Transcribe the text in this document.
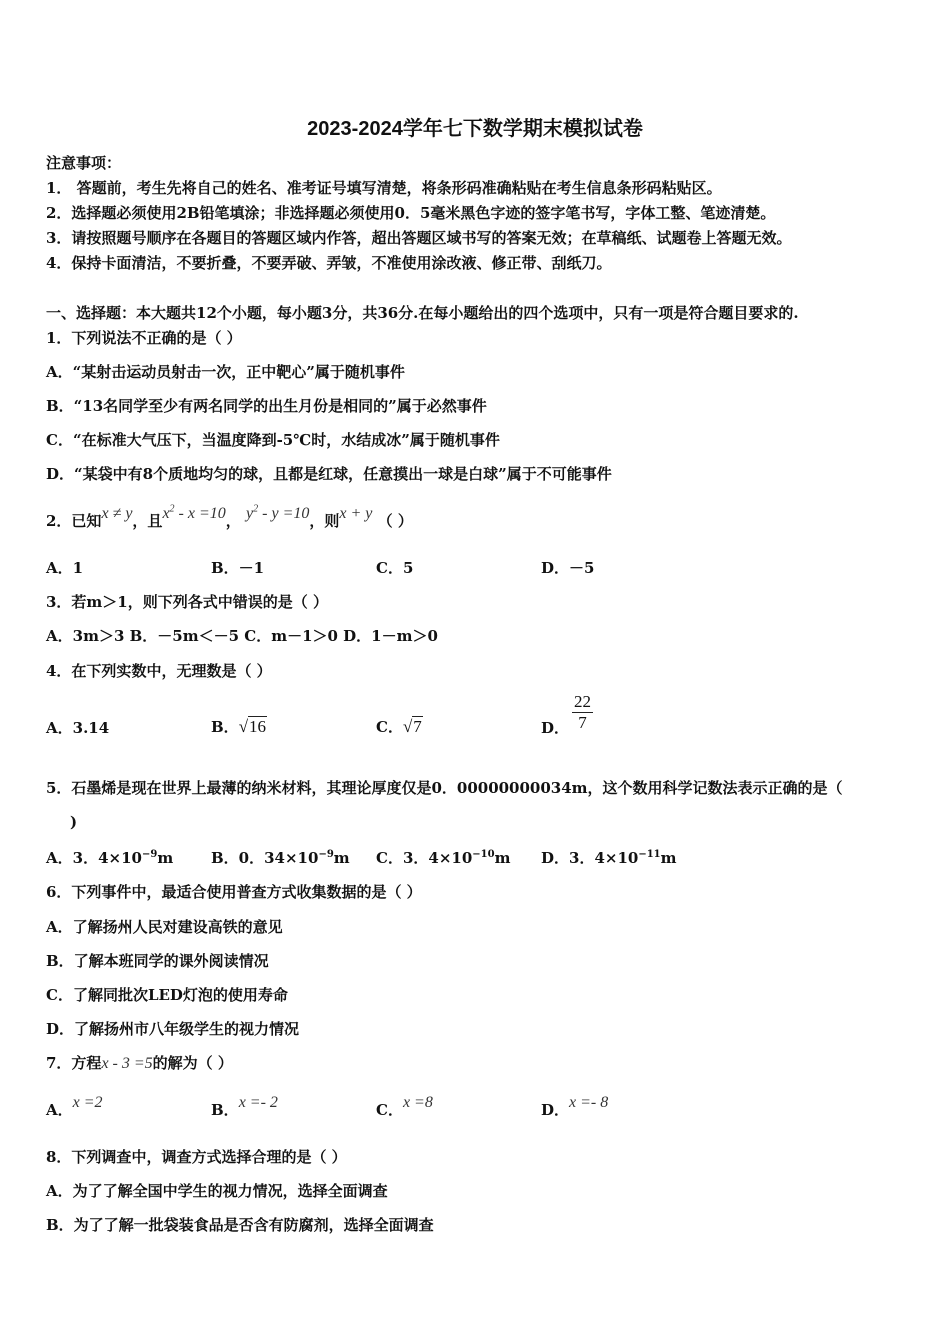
2023-2024学年七下数学期末模拟试卷
注意事项：
1． 答题前，考生先将自己的姓名、准考证号填写清楚，将条形码准确粘贴在考生信息条形码粘贴区。
2．选择题必须使用2B铅笔填涂；非选择题必须使用0．5毫米黑色字迹的签字笔书写，字体工整、笔迹清楚。
3．请按照题号顺序在各题目的答题区域内作答，超出答题区域书写的答案无效；在草稿纸、试题卷上答题无效。
4．保持卡面清洁，不要折叠，不要弄破、弄皱，不准使用涂改液、修正带、刮纸刀。
一、选择题：本大题共12个小题，每小题3分，共36分.在每小题给出的四个选项中，只有一项是符合题目要求的.
1．下列说法不正确的是（ ）
A．“某射击运动员射击一次，正中靶心”属于随机事件
B．“13名同学至少有两名同学的出生月份是相同的”属于必然事件
C．“在标准大气压下，当温度降到-5℃时，水结成冰”属于随机事件
D．“某袋中有8个质地均匀的球，且都是红球，任意摸出一球是白球”属于不可能事件
2．已知x ≠ y，且$x^2 - x =10$， $y^2 - y =10$，则x + y （ ）
A．1	B．－1	C．5	D．－5
3．若m＞1，则下列各式中错误的是（ ）
A．3m＞3 B．－5m＜－5 C．m－1＞0 D．1－m＞0
4．在下列实数中，无理数是（ ）
A．3.14	B．√16	C．√7	D． $\frac{22}{7}$
5．石墨烯是现在世界上最薄的纳米材料，其理论厚度仅是0．00000000034m，这个数用科学记数法表示正确的是（
)
A．3．$4\times 10^{-9}m$	B．0．$34\times 10^{-9}m$ C．3．$4\times 10^{-10}m$ D．3．$4\times 10^{-11}m$
6．下列事件中，最适合使用普查方式收集数据的是（ ）
A．了解扬州人民对建设高铁的意见
B．了解本班同学的课外阅读情况
C．了解同批次LED灯泡的使用寿命
D．了解扬州市八年级学生的视力情况
7．方程x - 3 =5的解为（ ）
A．x =2	B．x =- 2	C．x =8	D．x =- 8
8．下列调查中，调查方式选择合理的是（ ）
A．为了了解全国中学生的视力情况，选择全面调查
B．为了了解一批袋装食品是否含有防腐剂，选择全面调查
